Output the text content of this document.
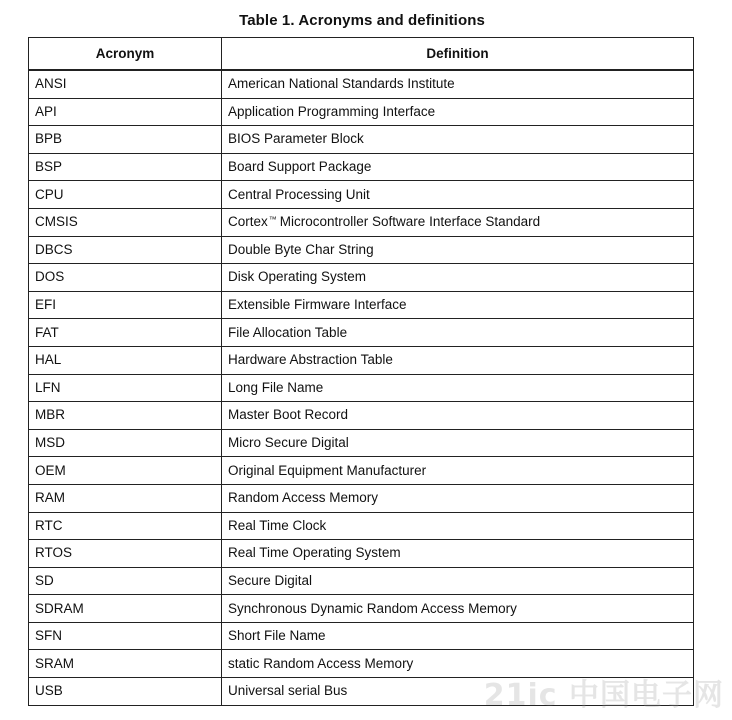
Table 1. Acronyms and definitions
Acronym	Definition
ANSI	American National Standards Institute
API	Application Programming Interface
BPB	BIOS Parameter Block
BSP	Board Support Package
CPU	Central Processing Unit
CMSIS	Cortex™ Microcontroller Software Interface Standard
DBCS	Double Byte Char String
DOS	Disk Operating System
EFI	Extensible Firmware Interface
FAT	File Allocation Table
HAL	Hardware Abstraction Table
LFN	Long File Name
MBR	Master Boot Record
MSD	Micro Secure Digital
OEM	Original Equipment Manufacturer
RAM	Random Access Memory
RTC	Real Time Clock
RTOS	Real Time Operating System
SD	Secure Digital
SDRAM	Synchronous Dynamic Random Access Memory
SFN	Short File Name
SRAM	static Random Access Memory
USB	Universal serial Bus	21ic 中国电子网
